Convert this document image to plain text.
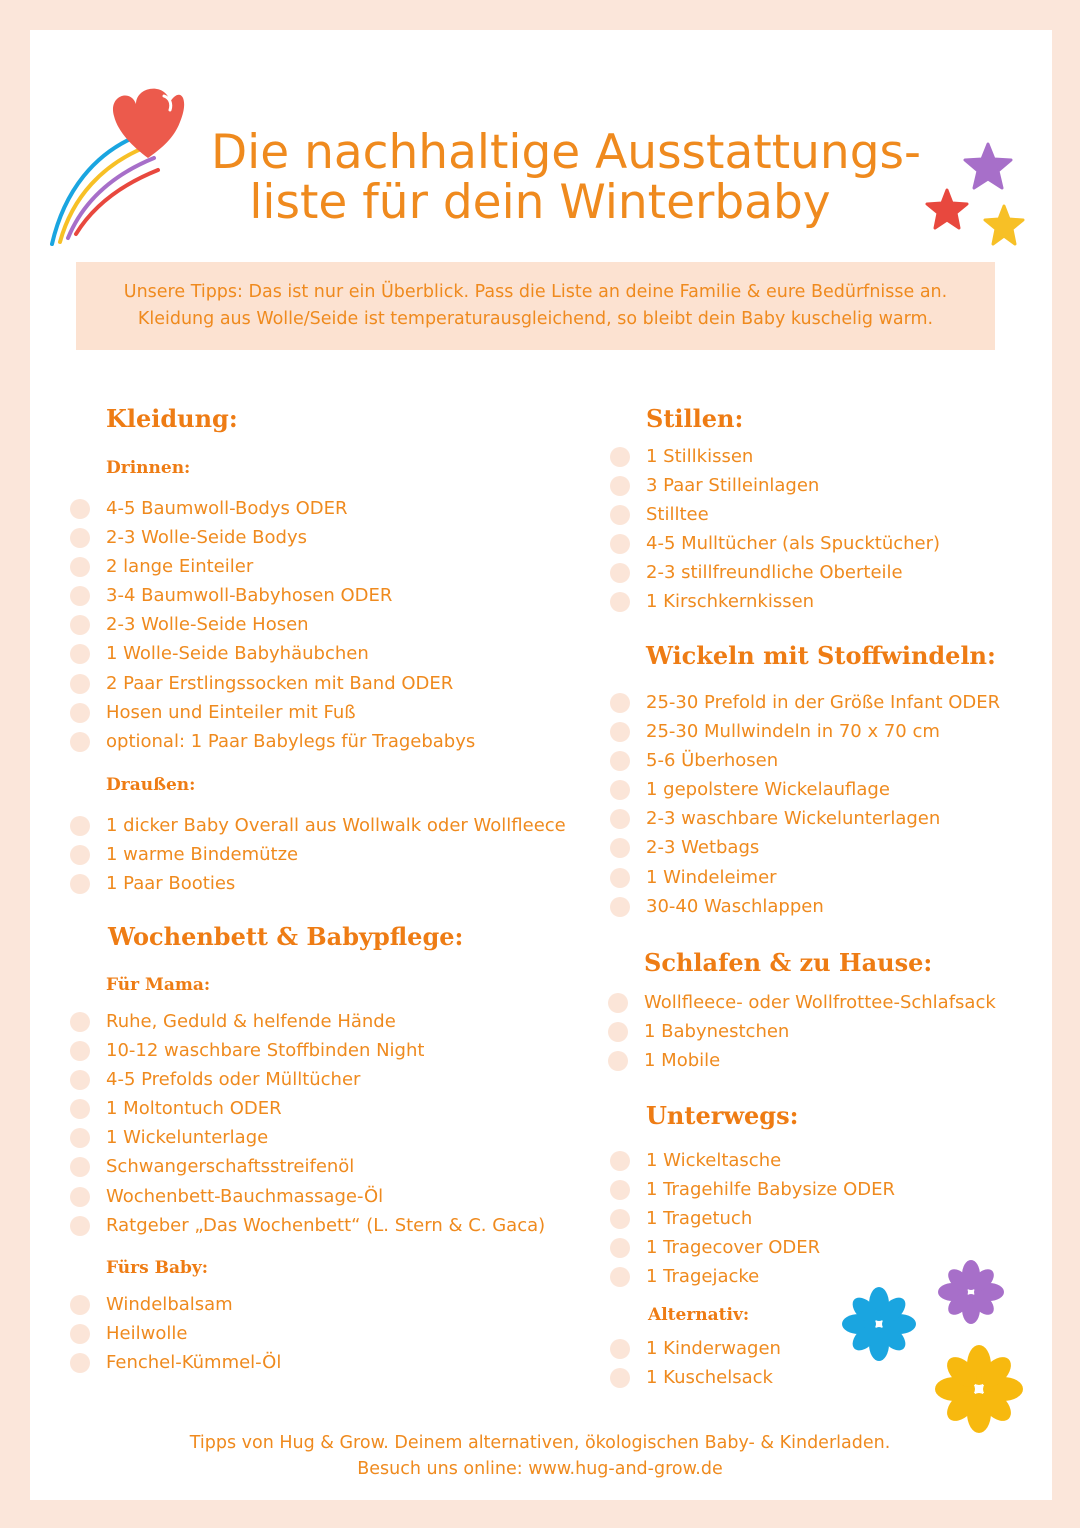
Die nachhaltige Ausstattungs-
liste für dein Winterbaby
Unsere Tipps: Das ist nur ein Überblick. Pass die Liste an deine Familie & eure Bedürfnisse an.
Kleidung aus Wolle/Seide ist temperaturausgleichend, so bleibt dein Baby kuschelig warm.
Kleidung:
Drinnen:
4-5 Baumwoll-Bodys ODER
2-3 Wolle-Seide Bodys
2 lange Einteiler
3-4 Baumwoll-Babyhosen ODER
2-3 Wolle-Seide Hosen
1 Wolle-Seide Babyhäubchen
2 Paar Erstlingssocken mit Band ODER
Hosen und Einteiler mit Fuß
optional: 1 Paar Babylegs für Tragebabys
Draußen:
1 dicker Baby Overall aus Wollwalk oder Wollfleece
1 warme Bindemütze
1 Paar Booties
Wochenbett & Babypflege:
Für Mama:
Ruhe, Geduld & helfende Hände
10-12 waschbare Stoffbinden Night
4-5 Prefolds oder Mülltücher
1 Moltontuch ODER
1 Wickelunterlage
Schwangerschaftsstreifenöl
Wochenbett-Bauchmassage-Öl
Ratgeber „Das Wochenbett“ (L. Stern & C. Gaca)
Fürs Baby:
Windelbalsam
Heilwolle
Fenchel-Kümmel-Öl
Stillen:
1 Stillkissen
3 Paar Stilleinlagen
Stilltee
4-5 Mulltücher (als Spucktücher)
2-3 stillfreundliche Oberteile
1 Kirschkernkissen
Wickeln mit Stoffwindeln:
25-30 Prefold in der Größe Infant ODER
25-30 Mullwindeln in 70 x 70 cm
5-6 Überhosen
1 gepolstere Wickelauflage
2-3 waschbare Wickelunterlagen
2-3 Wetbags
1 Windeleimer
30-40 Waschlappen
Schlafen & zu Hause:
Wollfleece- oder Wollfrottee-Schlafsack
1 Babynestchen
1 Mobile
Unterwegs:
1 Wickeltasche
1 Tragehilfe Babysize ODER
1 Tragetuch
1 Tragecover ODER
1 Tragejacke
Alternativ:
1 Kinderwagen
1 Kuschelsack
Tipps von Hug & Grow. Deinem alternativen, ökologischen Baby- & Kinderladen.
Besuch uns online: www.hug-and-grow.de
